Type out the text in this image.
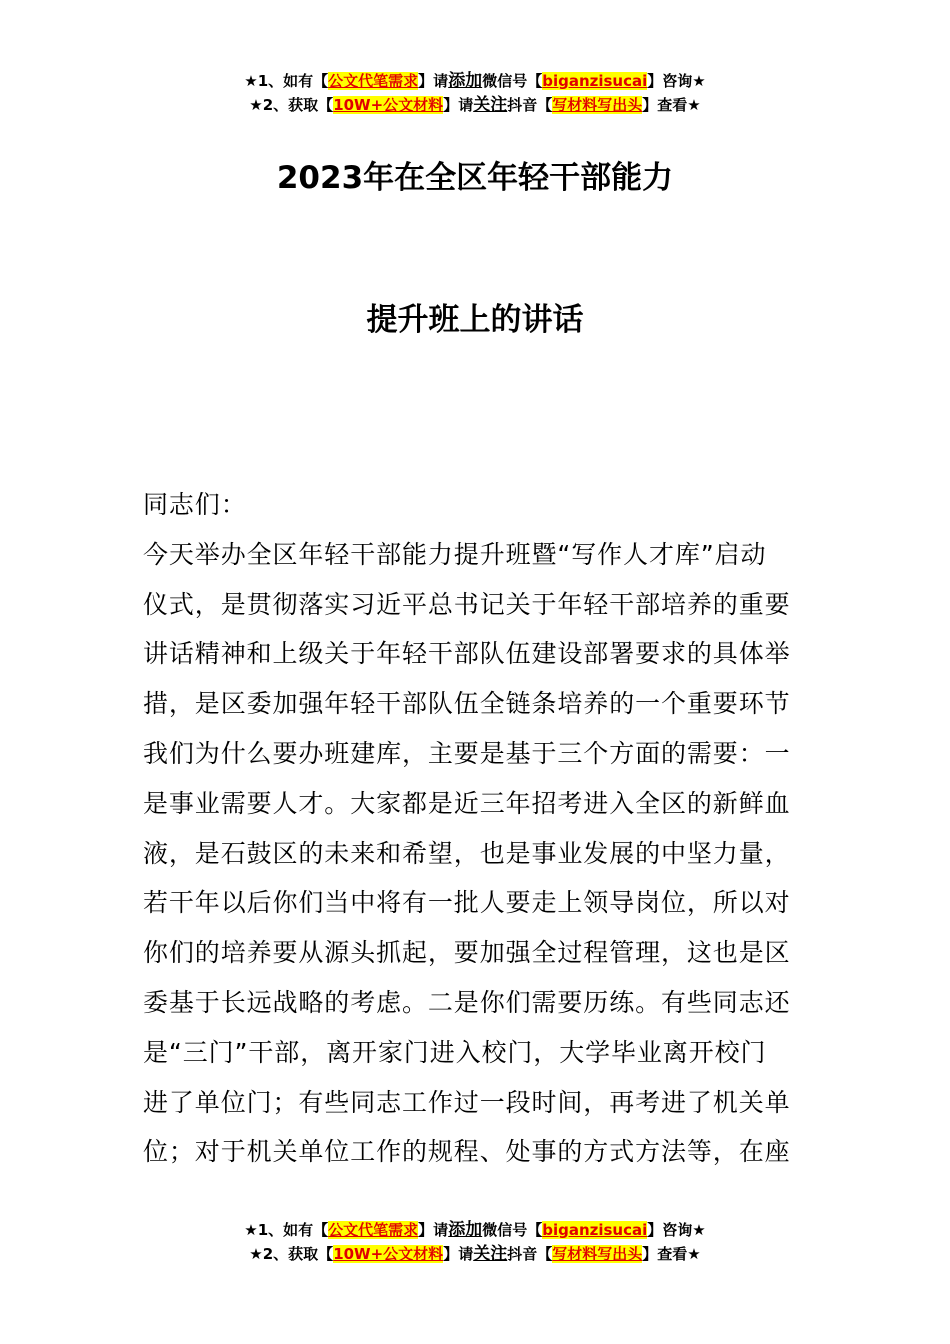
★1、如有【公文代笔需求】请添加微信号【biganzisucai】咨询★
★2、获取【10W+公文材料】请关注抖音【写材料写出头】查看★
2023年在全区年轻干部能力
提升班上的讲话

同志们：

今天举办全区年轻干部能力提升班暨“写作人才库”启动

仪式，是贯彻落实习近平总书记关于年轻干部培养的重要

讲话精神和上级关于年轻干部队伍建设部署要求的具体举

措，是区委加强年轻干部队伍全链条培养的一个重要环节

我们为什么要办班建库，主要是基于三个方面的需要：一

是事业需要人才。大家都是近三年招考进入全区的新鲜血

液，是石鼓区的未来和希望，也是事业发展的中坚力量，

若干年以后你们当中将有一批人要走上领导岗位，所以对

你们的培养要从源头抓起，要加强全过程管理，这也是区

委基于长远战略的考虑。二是你们需要历练。有些同志还

是“三门”干部，离开家门进入校门，大学毕业离开校门

进了单位门；有些同志工作过一段时间，再考进了机关单

位；对于机关单位工作的规程、处事的方式方法等，在座

★1、如有【公文代笔需求】请添加微信号【biganzisucai】咨询★
★2、获取【10W+公文材料】请关注抖音【写材料写出头】查看★
